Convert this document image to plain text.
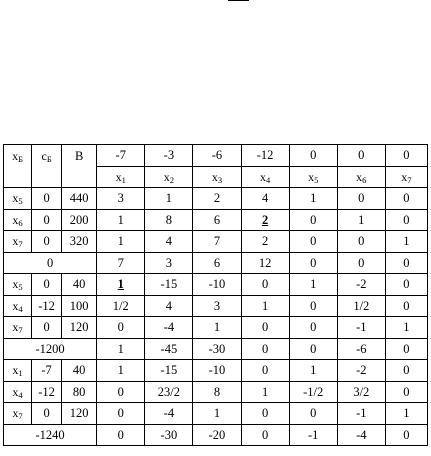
$x_Б$	$c_Б$	B	-7	-3	-6	-12	0	0	0
			$x_1$	$x_2$	$x_3$	$x_4$	$x_5$	$x_6$	$x_7$
$x_5$	0	440	3	1	2	4	1	0	0
$x_6$	0	200	1	8	6	2	0	1	0
$x_7$	0	320	1	4	7	2	0	0	1
0			7	3	6	12	0	0	0
$x_5$	0	40	1	-15	-10	0	1	-2	0
$x_4$	-12	100	1/2	4	3	1	0	1/2	0
$x_7$	0	120	0	-4	1	0	0	-1	1
-1200			1	-45	-30	0	0	-6	0
$x_1$	-7	40	1	-15	-10	0	1	-2	0
$x_4$	-12	80	0	23/2	8	1	-1/2	3/2	0
$x_7$	0	120	0	-4	1	0	0	-1	1
-1240			0	-30	-20	0	-1	-4	0
